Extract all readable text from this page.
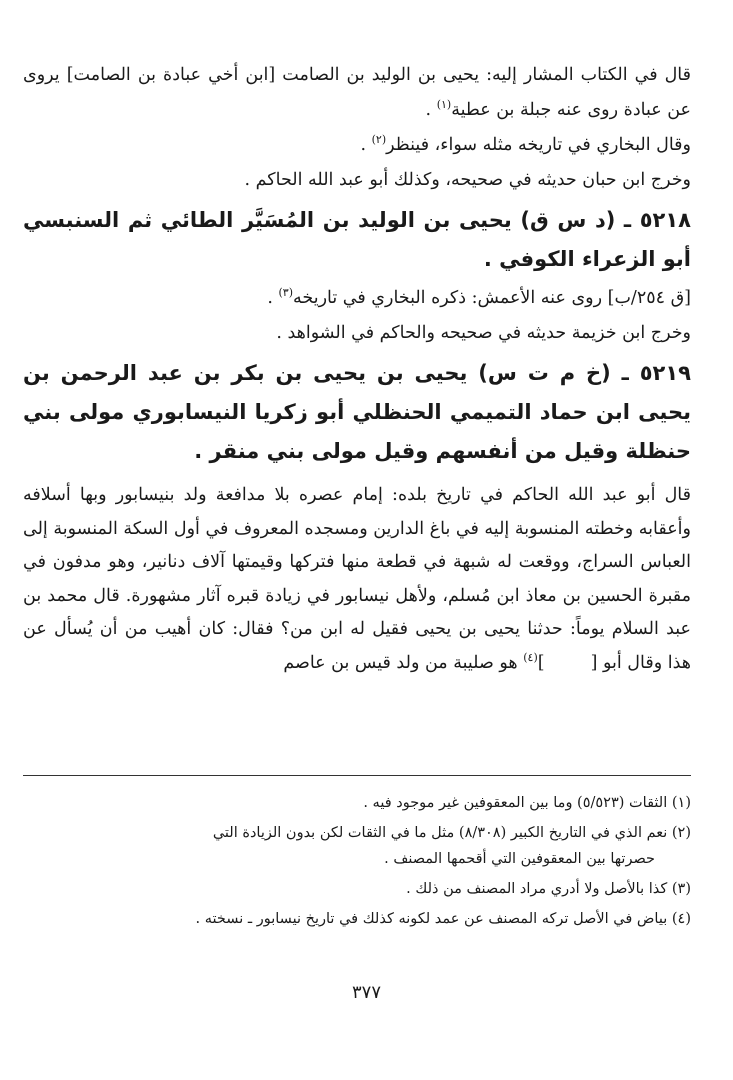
قال في الكتاب المشار إليه: يحيى بن الوليد بن الصامت [ابن أخي عبادة بن الصامت] يروى عن عبادة روى عنه جبلة بن عطية$^{(١)}$ .

وقال البخاري في تاريخه مثله سواء، فينظر$^{(٢)}$ .

وخرج ابن حبان حديثه في صحيحه، وكذلك أبو عبد الله الحاكم .

٥٢١٨ ـ (د س ق) يحيى بن الوليد بن المُسَيَّر الطائي ثم السنبسي أبو الزعراء الكوفي .

[ق ٢٥٤/ب] روى عنه الأعمش: ذكره البخاري في تاريخه$^{(٣)}$ .

وخرج ابن خزيمة حديثه في صحيحه والحاكم في الشواهد .

٥٢١٩ ـ (خ م ت س) يحيى بن يحيى بن بكر بن عبد الرحمن بن يحيى ابن حماد التميمي الحنظلي أبو زكريا النيسابوري مولى بني حنظلة وقيل من أنفسهم وقيل مولى بني منقر .

قال أبو عبد الله الحاكم في تاريخ بلده: إمام عصره بلا مدافعة ولد بنيسابور وبها أسلافه وأعقابه وخطته المنسوبة إليه في باغ الدارين ومسجده المعروف في أول السكة المنسوبة إلى العباس السراج، ووقعت له شبهة في قطعة منها فتركها وقيمتها آلاف دنانير، وهو مدفون في مقبرة الحسين بن معاذ ابن مُسلم، ولأهل نيسابور في زيادة قبره آثار مشهورة. قال محمد بن عبد السلام يوماً: حدثنا يحيى بن يحيى فقيل له ابن من؟ فقال: كان أهيب من أن يُسأل عن هذا وقال أبو []$^{(٤)}$ هو صليبة من ولد قيس بن عاصم

(١) الثقات (٥/٥٢٣) وما بين المعقوفين غير موجود فيه .

(٢) نعم الذي في التاريخ الكبير (٨/٣٠٨) مثل ما في الثقات لكن بدون الزيادة التي
حصرتها بين المعقوفين التي أقحمها المصنف .

(٣) كذا بالأصل ولا أدري مراد المصنف من ذلك .

(٤) بياض في الأصل تركه المصنف عن عمد لكونه كذلك في تاريخ نيسابور ـ نسخته .

٣٧٧
